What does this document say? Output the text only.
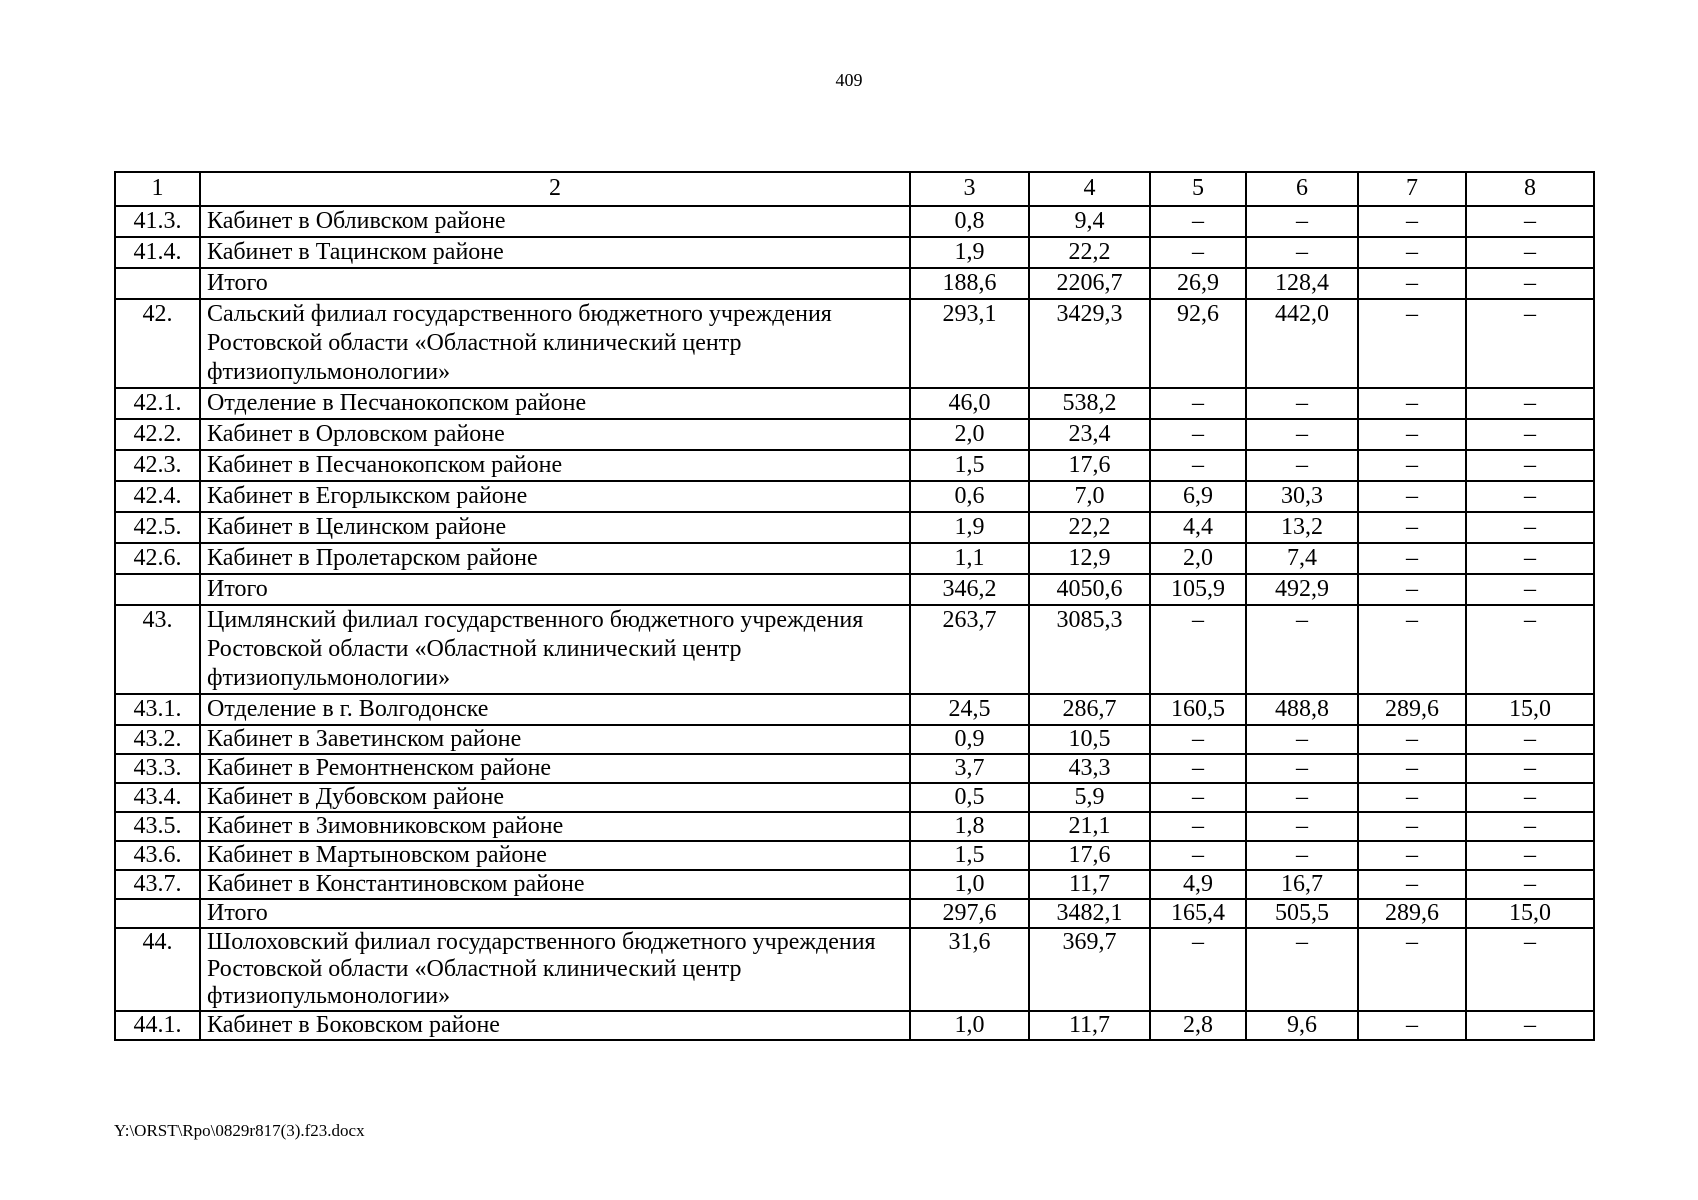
409
1	2	3	4	5	6	7	8
41.3.	Кабинет в Обливском районе	0,8	9,4	–	–	–	–
41.4.	Кабинет в Тацинском районе	1,9	22,2	–	–	–	–
	Итого	188,6	2206,7	26,9	128,4	–	–
42.	Сальский филиал государственного бюджетного учреждения Ростовской области «Областной клинический центр фтизиопульмонологии»	293,1	3429,3	92,6	442,0	–	–
42.1.	Отделение в Песчанокопском районе	46,0	538,2	–	–	–	–
42.2.	Кабинет в Орловском районе	2,0	23,4	–	–	–	–
42.3.	Кабинет в Песчанокопском районе	1,5	17,6	–	–	–	–
42.4.	Кабинет в Егорлыкском районе	0,6	7,0	6,9	30,3	–	–
42.5.	Кабинет в Целинском районе	1,9	22,2	4,4	13,2	–	–
42.6.	Кабинет в Пролетарском районе	1,1	12,9	2,0	7,4	–	–
	Итого	346,2	4050,6	105,9	492,9	–	–
43.	Цимлянский филиал государственного бюджетного учреждения Ростовской области «Областной клинический центр фтизиопульмонологии»	263,7	3085,3	–	–	–	–
43.1.	Отделение в г. Волгодонске	24,5	286,7	160,5	488,8	289,6	15,0
43.2.	Кабинет в Заветинском районе	0,9	10,5	–	–	–	–
43.3.	Кабинет в Ремонтненском районе	3,7	43,3	–	–	–	–
43.4.	Кабинет в Дубовском районе	0,5	5,9	–	–	–	–
43.5.	Кабинет в Зимовниковском районе	1,8	21,1	–	–	–	–
43.6.	Кабинет в Мартыновском районе	1,5	17,6	–	–	–	–
43.7.	Кабинет в Константиновском районе	1,0	11,7	4,9	16,7	–	–
	Итого	297,6	3482,1	165,4	505,5	289,6	15,0
44.	Шолоховский филиал государственного бюджетного учреждения Ростовской области «Областной клинический центр фтизиопульмонологии»	31,6	369,7	–	–	–	–
44.1.	Кабинет в Боковском районе	1,0	11,7	2,8	9,6	–	–
Y:\ORST\Rpo\0829r817(3).f23.docx
